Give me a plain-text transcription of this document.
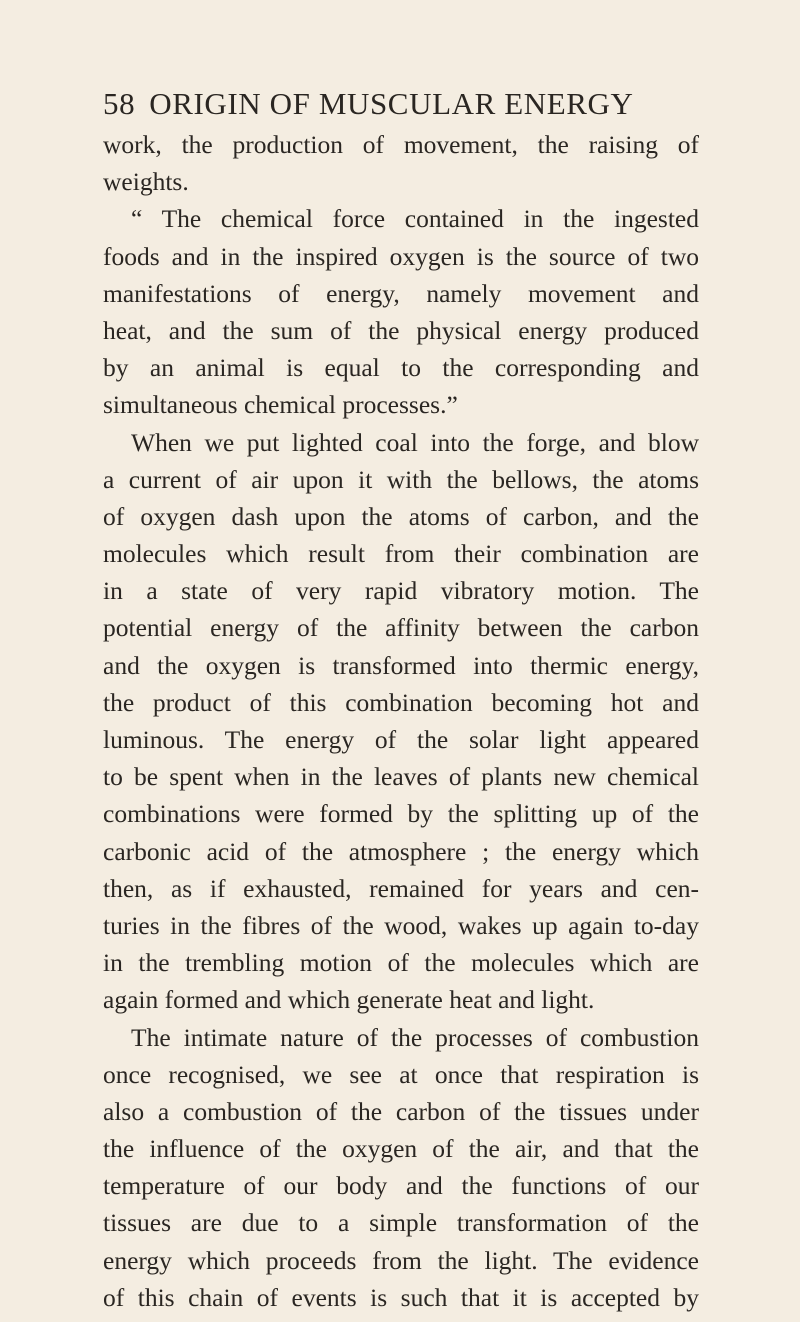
58 ORIGIN OF MUSCULAR ENERGY
work, the production of movement, the raising of
weights.
“ The chemical force contained in the ingested
foods and in the inspired oxygen is the source of two
manifestations of energy, namely movement and
heat, and the sum of the physical energy produced
by an animal is equal to the corresponding and
simultaneous chemical processes.”
When we put lighted coal into the forge, and blow
a current of air upon it with the bellows, the atoms
of oxygen dash upon the atoms of carbon, and the
molecules which result from their combination are
in a state of very rapid vibratory motion. The
potential energy of the affinity between the carbon
and the oxygen is transformed into thermic energy,
the product of this combination becoming hot and
luminous. The energy of the solar light appeared
to be spent when in the leaves of plants new chemical
combinations were formed by the splitting up of the
carbonic acid of the atmosphere ; the energy which
then, as if exhausted, remained for years and cen-
turies in the fibres of the wood, wakes up again to-day
in the trembling motion of the molecules which are
again formed and which generate heat and light.
The intimate nature of the processes of combustion
once recognised, we see at once that respiration is
also a combustion of the carbon of the tissues under
the influence of the oxygen of the air, and that the
temperature of our body and the functions of our
tissues are due to a simple transformation of the
energy which proceeds from the light. The evidence
of this chain of events is such that it is accepted by
